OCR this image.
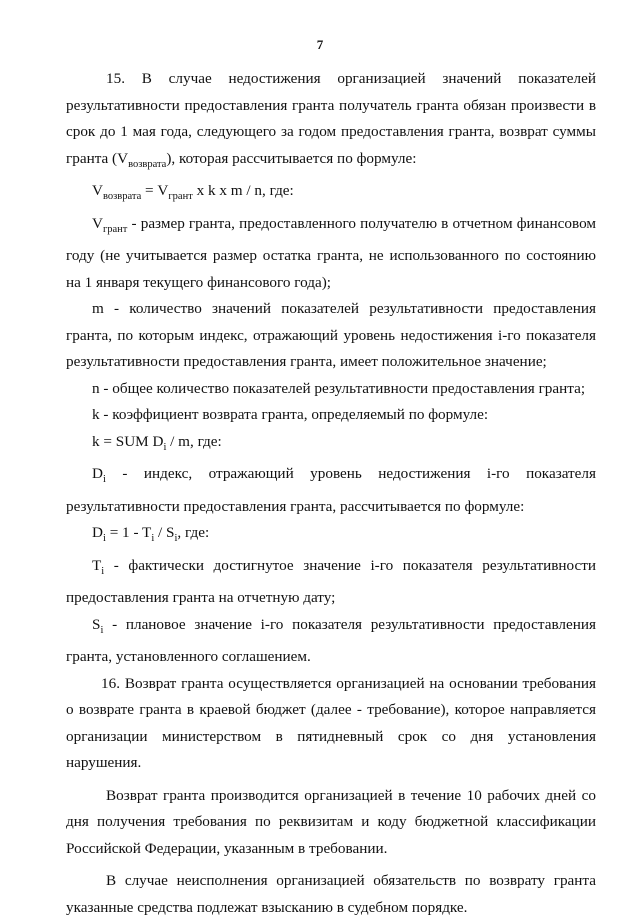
7

15. В случае недостижения организацией значений показателей результативности предоставления гранта получатель гранта обязан произвести в срок до 1 мая года, следующего за годом предоставления гранта, возврат суммы гранта $(V_{возврата})$, которая рассчитывается по формуле:

$V_{возврата} = V_{грант}$ x k x m / n, где:

$V_{грант}$ - размер гранта, предоставленного получателю в отчетном финансовом году (не учитывается размер остатка гранта, не использованного по состоянию на 1 января текущего финансового года);

m - количество значений показателей результативности предоставления гранта, по которым индекс, отражающий уровень недостижения i-го показателя результативности предоставления гранта, имеет положительное значение;

n - общее количество показателей результативности предоставления гранта;

k - коэффициент возврата гранта, определяемый по формуле:

k = SUM $D_i$ / m, где:

$D_i$ - индекс, отражающий уровень недостижения i-го показателя результативности предоставления гранта, рассчитывается по формуле:

$D_i = 1 - T_i / S_i$, где:

$T_i$ - фактически достигнутое значение i-го показателя результативности предоставления гранта на отчетную дату;

$S_i$ - плановое значение i-го показателя результативности предоставления гранта, установленного соглашением.

16. Возврат гранта осуществляется организацией на основании требования о возврате гранта в краевой бюджет (далее - требование), которое направляется организации министерством в пятидневный срок со дня установления нарушения.

Возврат гранта производится организацией в течение 10 рабочих дней со дня получения требования по реквизитам и коду бюджетной классификации Российской Федерации, указанным в требовании.

В случае неисполнения организацией обязательств по возврату гранта указанные средства подлежат взысканию в судебном порядке.
